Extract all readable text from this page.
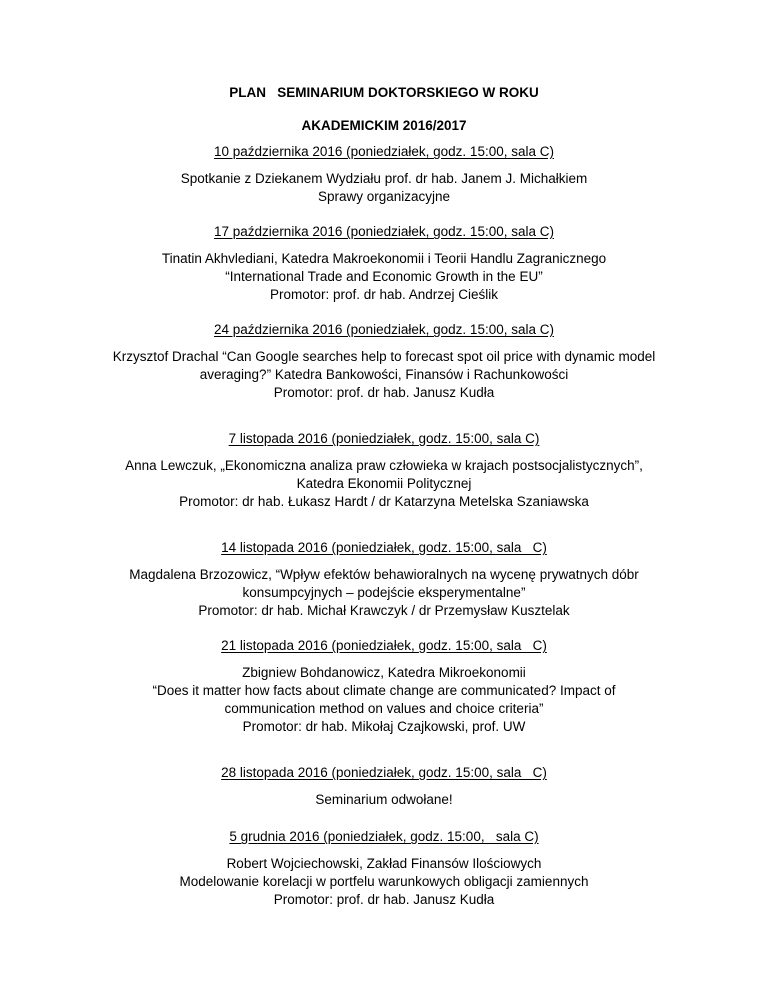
PLAN   SEMINARIUM DOKTORSKIEGO W ROKU
AKADEMICKIM 2016/2017
10 października 2016 (poniedziałek, godz. 15:00, sala C)
Spotkanie z Dziekanem Wydziału prof. dr hab. Janem J. Michałkiem
Sprawy organizacyjne
17 października 2016 (poniedziałek, godz. 15:00, sala C)
Tinatin Akhvlediani, Katedra Makroekonomii i Teorii Handlu Zagranicznego
“International Trade and Economic Growth in the EU”
Promotor: prof. dr hab. Andrzej Cieślik
24 października 2016 (poniedziałek, godz. 15:00, sala C)
Krzysztof Drachal “Can Google searches help to forecast spot oil price with dynamic model
averaging?” Katedra Bankowości, Finansów i Rachunkowości
Promotor: prof. dr hab. Janusz Kudła
7 listopada 2016 (poniedziałek, godz. 15:00, sala C)
Anna Lewczuk, „Ekonomiczna analiza praw człowieka w krajach postsocjalistycznych”,
Katedra Ekonomii Politycznej
Promotor: dr hab. Łukasz Hardt / dr Katarzyna Metelska Szaniawska
14 listopada 2016 (poniedziałek, godz. 15:00, sala   C)
Magdalena Brzozowicz, “Wpływ efektów behawioralnych na wycenę prywatnych dóbr
konsumpcyjnych – podejście eksperymentalne”
Promotor: dr hab. Michał Krawczyk / dr Przemysław Kusztelak
21 listopada 2016 (poniedziałek, godz. 15:00, sala   C)
Zbigniew Bohdanowicz, Katedra Mikroekonomii
“Does it matter how facts about climate change are communicated? Impact of
communication method on values and choice criteria”
Promotor: dr hab. Mikołaj Czajkowski, prof. UW
28 listopada 2016 (poniedziałek, godz. 15:00, sala   C)
Seminarium odwołane!
5 grudnia 2016 (poniedziałek, godz. 15:00,   sala C)
Robert Wojciechowski, Zakład Finansów Ilościowych
Modelowanie korelacji w portfelu warunkowych obligacji zamiennych
Promotor: prof. dr hab. Janusz Kudła
